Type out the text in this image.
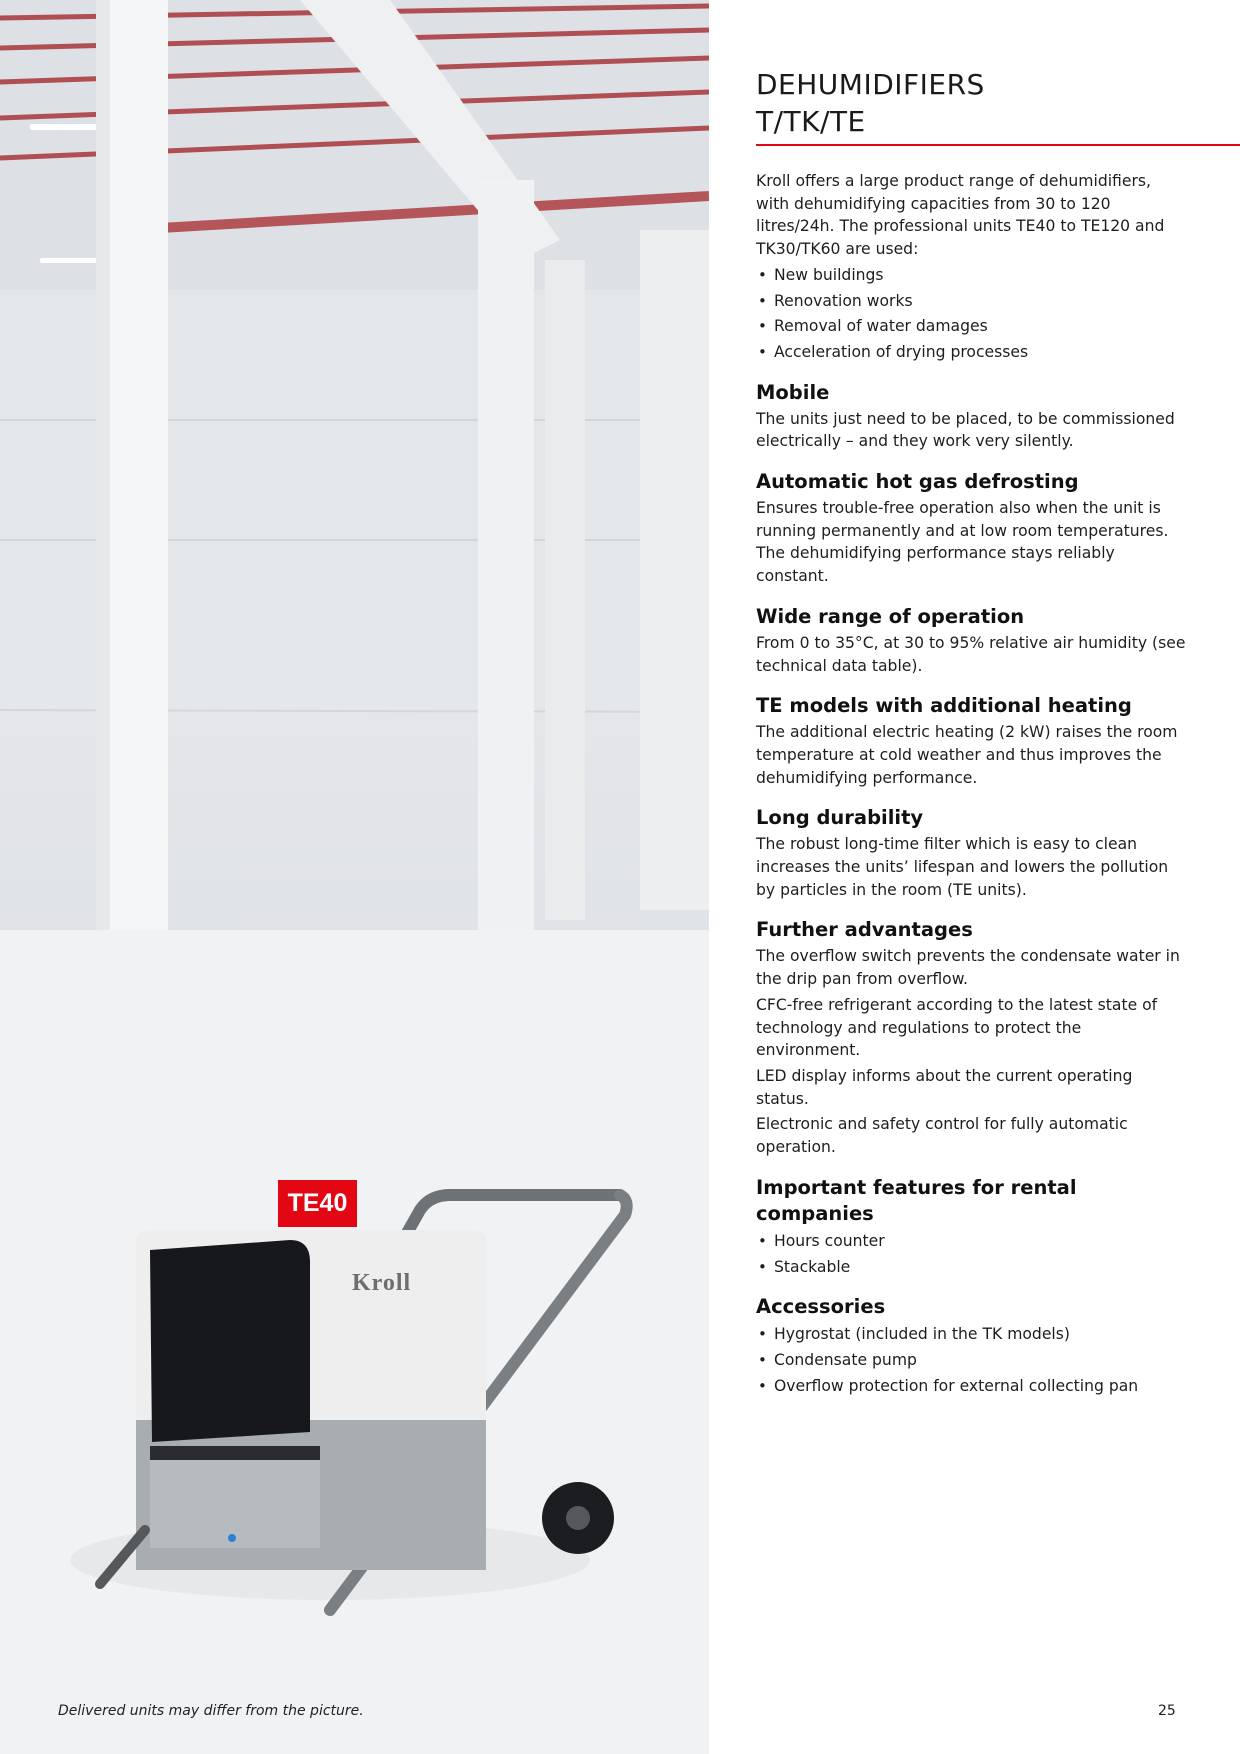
Kroll
TE40
Delivered units may differ from the picture.
DEHUMIDIFIERS
T/TK/TE

Kroll offers a large product range of dehumidifiers, with dehumidifying capacities from 30 to 120 litres/24h. The professional units TE40 to TE120 and TK30/TK60 are used:

• New buildings
• Renovation works
• Removal of water damages
• Acceleration of drying processes
Mobile

The units just need to be placed, to be commissioned electrically – and they work very silently.

Automatic hot gas defrosting

Ensures trouble-free operation also when the unit is running permanently and at low room temperatures. The dehumidifying performance stays reliably constant.

Wide range of operation

From 0 to 35°C, at 30 to 95% relative air humidity (see technical data table).

TE models with additional heating

The additional electric heating (2 kW) raises the room temperature at cold weather and thus improves the dehumidifying performance.

Long durability

The robust long-time filter which is easy to clean increases the units’ lifespan and lowers the pollution by particles in the room (TE units).

Further advantages

The overflow switch prevents the condensate water in the drip pan from overflow.

CFC-free refrigerant according to the latest state of technology and regulations to protect the environment.

LED display informs about the current operating status.

Electronic and safety control for fully automatic operation.

Important features for rental companies
• Hours counter
• Stackable
Accessories
• Hygrostat (included in the TK models)
• Condensate pump
• Overflow protection for external collecting pan
25
